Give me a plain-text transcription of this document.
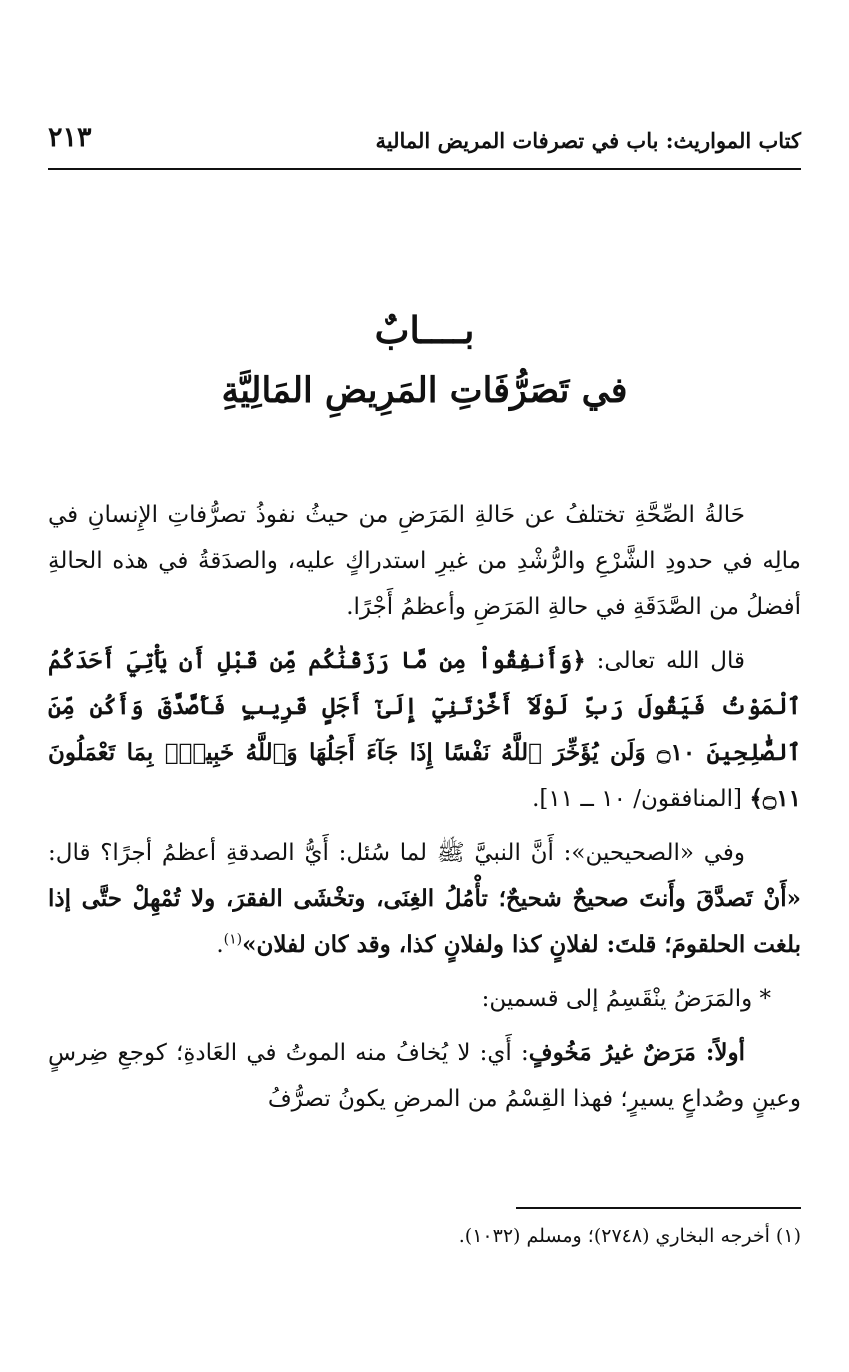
كتاب المواريث: باب في تصرفات المريض المالية
٢١٣
بــــابٌ
في تَصَرُّفَاتِ المَرِيضِ المَالِيَّةِ

حَالةُ الصِّحَّةِ تختلفُ عن حَالةِ المَرَضِ من حيثُ نفوذُ تصرُّفاتِ الإِنسانِ في مالِه في حدودِ الشَّرْعِ والرُّشْدِ من غيرِ استدراكٍ عليه، والصدَقةُ في هذه الحالةِ أفضلُ من الصَّدَقَةِ في حالةِ المَرَضِ وأعظمُ أَجْرًا.

قال الله تعالى: ﴿وَأَنفِقُواْ مِن مَّا رَزَقْنَٰكُم مِّن قَبْلِ أَن يَأْتِيَ أَحَدَكُمُ ٱلْمَوْتُ فَيَقُولَ رَبِّ لَوْلَآ أَخَّرْتَنِيٓ إِلَىٰٓ أَجَلٍ قَرِيبٍ فَأَصَّدَّقَ وَأَكُن مِّنَ ٱلصَّٰلِحِينَ ۝١٠ وَلَن يُؤَخِّرَ ٱللَّهُ نَفْسًا إِذَا جَآءَ أَجَلُهَا وَٱللَّهُ خَبِيرٌۢ بِمَا تَعْمَلُونَ ۝١١﴾ [المنافقون/ ١٠ ــ ١١].

وفي «الصحيحين»: أَنَّ النبيَّ ﷺ لما سُئل: أَيُّ الصدقةِ أعظمُ أجرًا؟ قال: «أَنْ تَصدَّقَ وأَنتَ صحيحٌ شحيحٌ؛ تأْمُلُ الغِنَى، وتخْشَى الفقرَ، ولا تُمْهِلْ حتَّى إذا بلغت الحلقومَ؛ قلتَ: لفلانٍ كذا ولفلانٍ كذا، وقد كان لفلان»$^{(١)}$.

* والمَرَضُ ينْقَسِمُ إلى قسمين:

أولاً: مَرَضٌ غيرُ مَخُوفٍ: أَي: لا يُخافُ منه الموتُ في العَادةِ؛ كوجعِ ضِرسٍ وعينٍ وصُداعٍ يسيرٍ؛ فهذا القِسْمُ من المرضِ يكونُ تصرُّفُ

(١) أخرجه البخاري (٢٧٤٨)؛ ومسلم (١٠٣٢).
